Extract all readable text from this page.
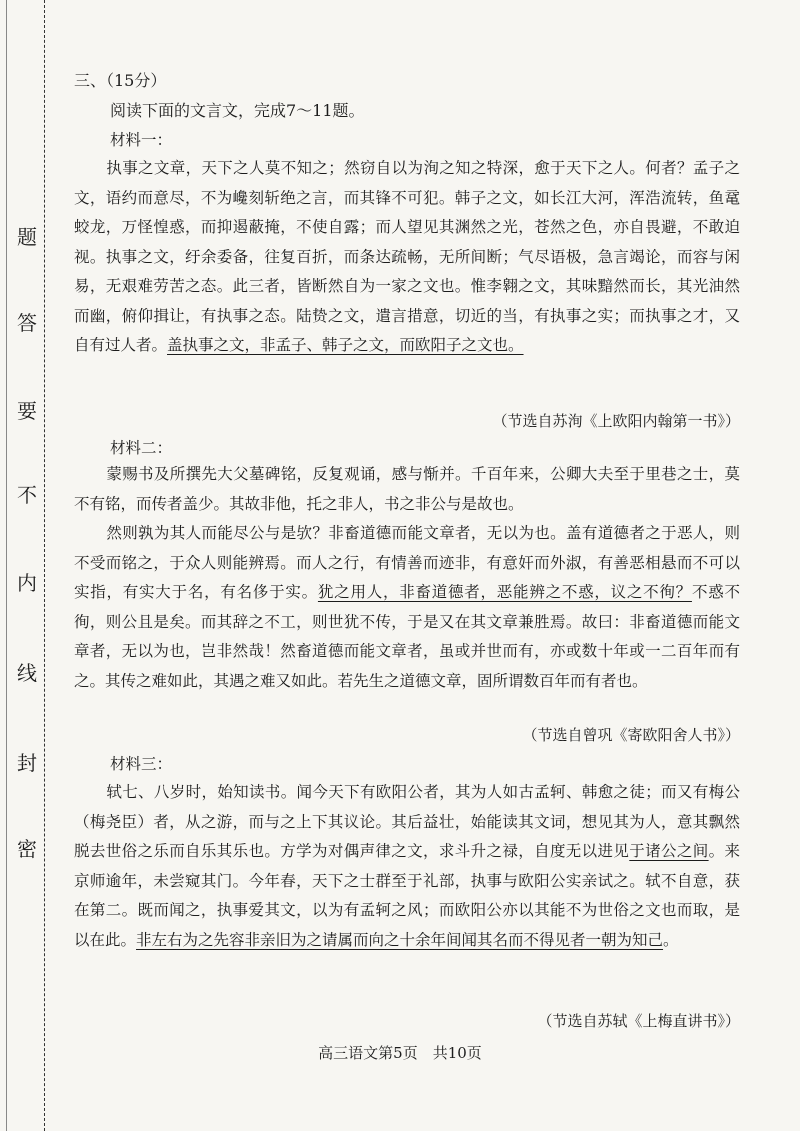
题
答
要
不
内
线
封
密
三、（15分）
阅读下面的文言文，完成7～11题。
材料一：
执事之文章，天下之人莫不知之；然窃自以为洵之知之特深，愈于天下之人。何者？孟子之文，语约而意尽，不为巉刻斩绝之言，而其锋不可犯。韩子之文，如长江大河，浑浩流转，鱼鼋蛟龙，万怪惶惑，而抑遏蔽掩，不使自露；而人望见其渊然之光，苍然之色，亦自畏避，不敢迫视。执事之文，纡余委备，往复百折，而条达疏畅，无所间断；气尽语极，急言竭论，而容与闲易，无艰难劳苦之态。此三者，皆断然自为一家之文也。惟李翱之文，其味黯然而长，其光油然而幽，俯仰揖让，有执事之态。陆贽之文，遣言措意，切近的当，有执事之实；而执事之才，又自有过人者。盖执事之文，非孟子、韩子之文，而欧阳子之文也。
（节选自苏洵《上欧阳内翰第一书》）
材料二：
蒙赐书及所撰先大父墓碑铭，反复观诵，感与惭并。千百年来，公卿大夫至于里巷之士，莫不有铭，而传者盖少。其故非他，托之非人，书之非公与是故也。
然则孰为其人而能尽公与是欤？非畜道德而能文章者，无以为也。盖有道德者之于恶人，则不受而铭之，于众人则能辨焉。而人之行，有情善而迹非，有意奸而外淑，有善恶相悬而不可以实指，有实大于名，有名侈于实。犹之用人，非畜道德者，恶能辨之不惑，议之不徇？不惑不徇，则公且是矣。而其辞之不工，则世犹不传，于是又在其文章兼胜焉。故曰：非畜道德而能文章者，无以为也，岂非然哉！然畜道德而能文章者，虽或并世而有，亦或数十年或一二百年而有之。其传之难如此，其遇之难又如此。若先生之道德文章，固所谓数百年而有者也。
（节选自曾巩《寄欧阳舍人书》）
材料三：
轼七、八岁时，始知读书。闻今天下有欧阳公者，其为人如古孟轲、韩愈之徒；而又有梅公（梅尧臣）者，从之游，而与之上下其议论。其后益壮，始能读其文词，想见其为人，意其飘然脱去世俗之乐而自乐其乐也。方学为对偶声律之文，求斗升之禄，自度无以进见于诸公之间。来京师逾年，未尝窥其门。今年春，天下之士群至于礼部，执事与欧阳公实亲试之。轼不自意，获在第二。既而闻之，执事爱其文，以为有孟轲之风；而欧阳公亦以其能不为世俗之文也而取，是以在此。非左右为之先容非亲旧为之请属而向之十余年间闻其名而不得见者一朝为知己。
（节选自苏轼《上梅直讲书》）
高三语文第5页　共10页
